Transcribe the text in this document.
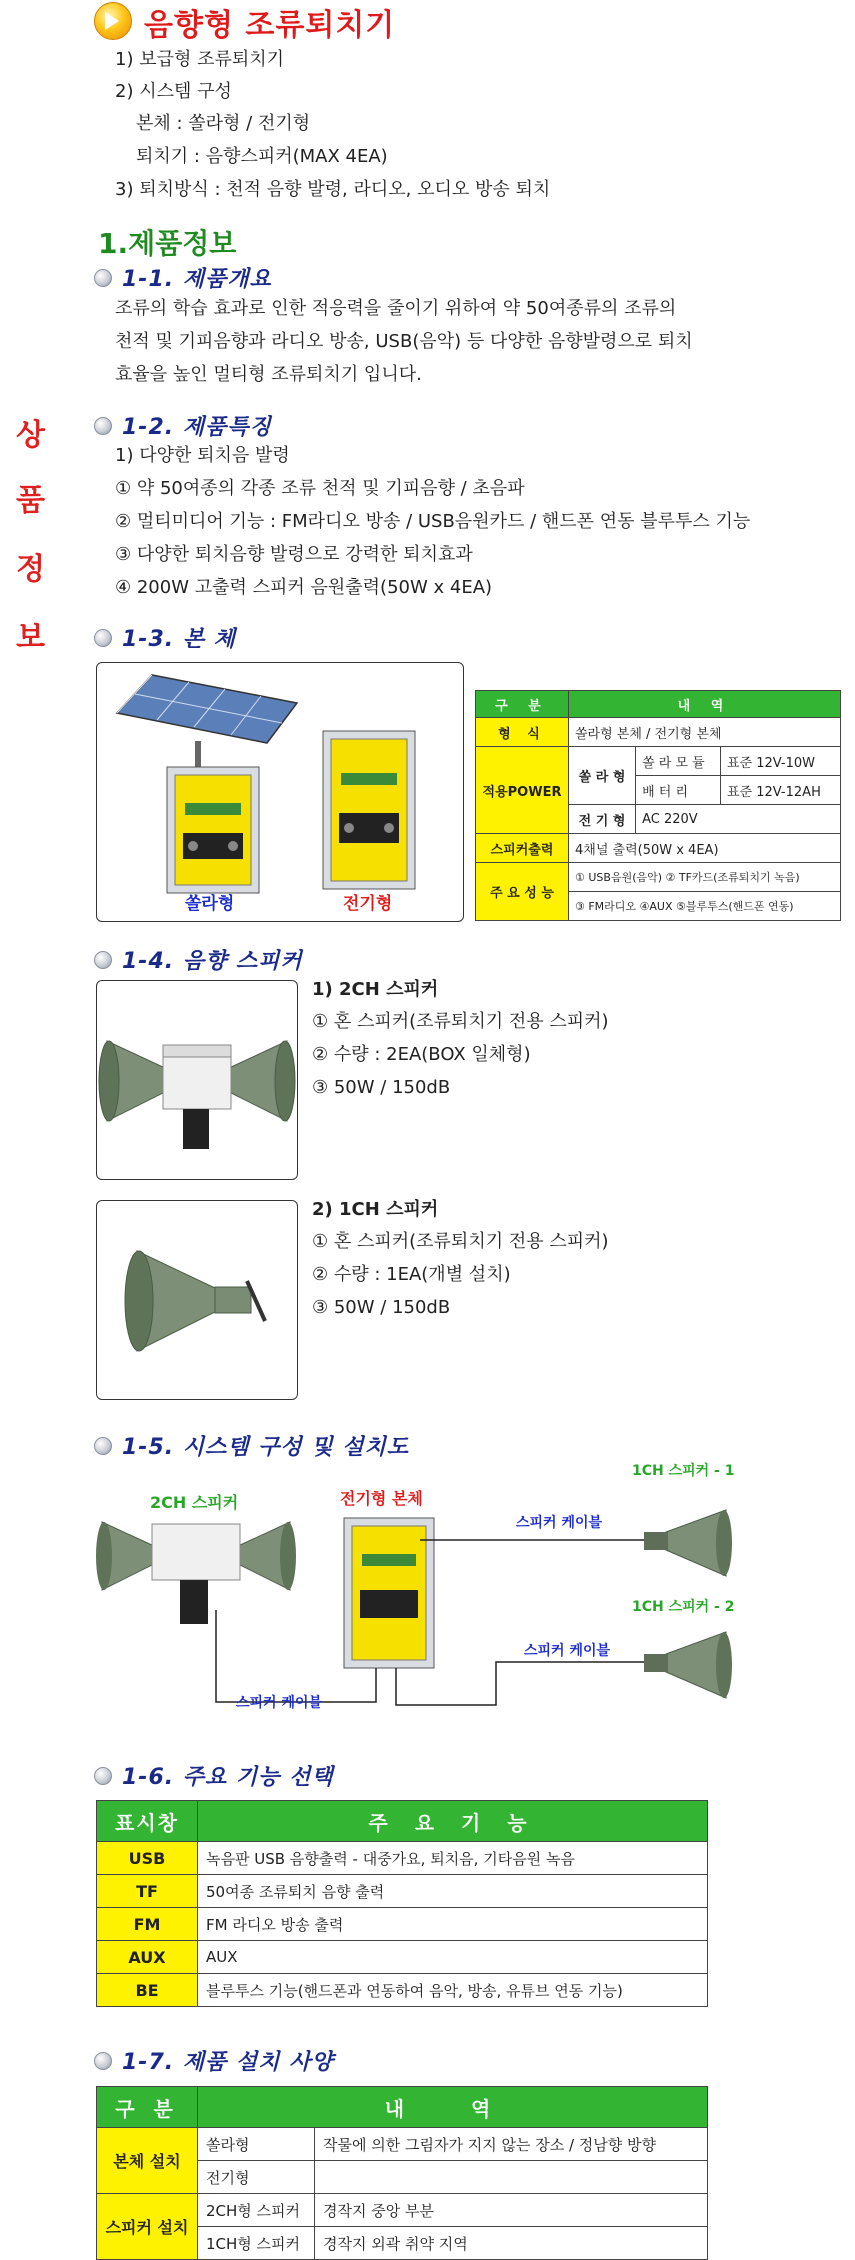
음향형 조류퇴치기
1) 보급형 조류퇴치기
2) 시스템 구성
본체 : 쏠라형 / 전기형
퇴치기 : 음향스피커(MAX 4EA)
3) 퇴치방식 : 천적 음향 발령, 라디오, 오디오 방송 퇴치
상
품
정
보
1.제품정보
1-1. 제품개요
조류의 학습 효과로 인한 적응력을 줄이기 위하여 약 50여종류의 조류의
천적 및 기피음향과 라디오 방송, USB(음악) 등 다양한 음향발령으로 퇴치
효율을 높인 멀티형 조류퇴치기 입니다.
1-2. 제품특징
1) 다양한 퇴치음 발령
① 약 50여종의 각종 조류 천적 및 기피음향 / 초음파
② 멀티미디어 기능 : FM라디오 방송 / USB음원카드 / 핸드폰 연동 블루투스 기능
③ 다양한 퇴치음향 발령으로 강력한 퇴치효과
④ 200W 고출력 스피커 음원출력(50W x 4EA)
1-3. 본 체
쏠라형	전기형
구 분	내 역		
형 식	쏠라형 본체 / 전기형 본체		
적용POWER	쏠 라 형	쏠 라 모 듈	표준 12V-10W
		배 터 리	표준 12V-12AH
	전 기 형	AC 220V	
스피커출력	4채널 출력(50W x 4EA)		
주 요 성 능	① USB음원(음악) ② TF카드(조류퇴치기 녹음)		
	③ FM라디오 ④AUX ⑤블루투스(핸드폰 연동)		
1-4. 음향 스피커
1) 2CH 스피커
① 혼 스피커(조류퇴치기 전용 스피커)
② 수량 : 2EA(BOX 일체형)
③ 50W / 150dB
2) 1CH 스피커
① 혼 스피커(조류퇴치기 전용 스피커)
② 수량 : 1EA(개별 설치)
③ 50W / 150dB
1-5. 시스템 구성 및 설치도
2CH 스피커	전기형 본체
1CH 스피커 - 1
1CH 스피커 - 2
스피커 케이블
스피커 케이블
스피커 케이블
1-6. 주요 기능 선택
표시창	주 요 기 능
USB	녹음판 USB 음향출력 - 대중가요, 퇴치음, 기타음원 녹음
TF	50여종 조류퇴치 음향 출력
FM	FM 라디오 방송 출력
AUX	AUX
BE	블루투스 기능(핸드폰과 연동하여 음악, 방송, 유튜브 연동 기능)
1-7. 제품 설치 사양
구 분	내 역	
본체 설치	쏠라형	작물에 의한 그림자가 지지 않는 장소 / 정남향 방향
	전기형	
스피커 설치	2CH형 스피커	경작지 중앙 부분
	1CH형 스피커	경작지 외곽 취약 지역
